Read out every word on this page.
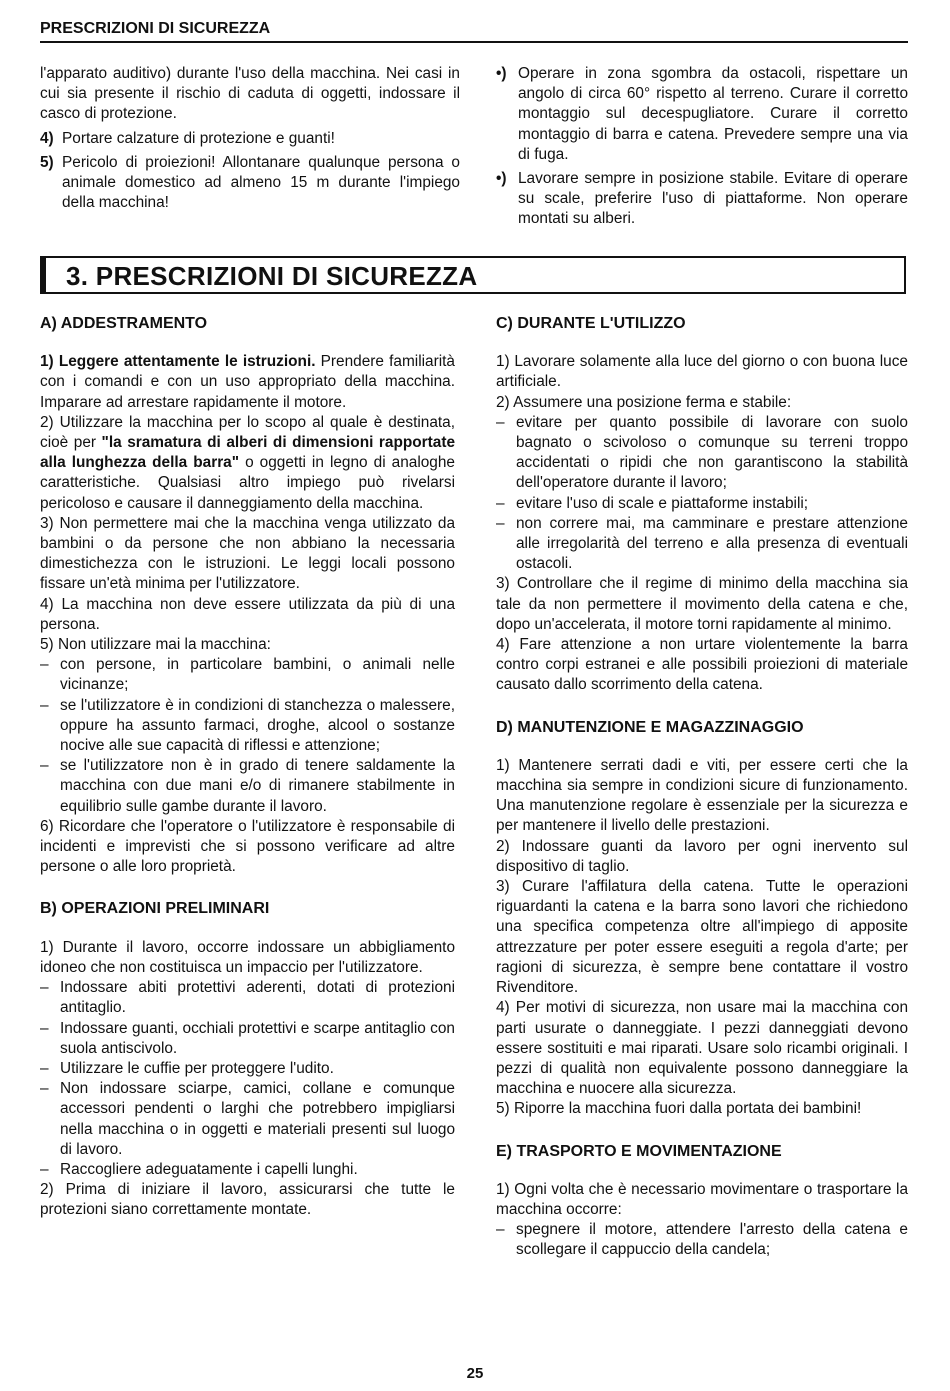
PRESCRIZIONI DI SICUREZZA

l'apparato auditivo) durante l'uso della macchina. Nei casi in cui sia presente il rischio di caduta di oggetti, indossare il casco di protezione.

4) Portare calzature di protezione e guanti!
5) Pericolo di proiezioni! Allontanare qualunque persona o animale domestico ad almeno 15 m durante l'impiego della macchina!
•) Operare in zona sgombra da ostacoli, rispettare un angolo di circa 60° rispetto al terreno. Curare il corretto montaggio sul decespugliatore. Curare il corretto montaggio di barra e catena. Prevedere sempre una via di fuga.
•) Lavorare sempre in posizione stabile. Evitare di operare su scale, preferire l'uso di piattaforme. Non operare montati su alberi.
3. PRESCRIZIONI DI SICUREZZA

A) ADDESTRAMENTO

1) Leggere attentamente le istruzioni. Prendere familiarità con i comandi e con un uso appropriato della macchina. Imparare ad arrestare rapidamente il motore.

2) Utilizzare la macchina per lo scopo al quale è destinata, cioè per "la sramatura di alberi di dimensioni rapportate alla lunghezza della barra" o oggetti in legno di analoghe caratteristiche. Qualsiasi altro impiego può rivelarsi pericoloso e causare il danneggiamento della macchina.

3) Non permettere mai che la macchina venga utilizzato da bambini o da persone che non abbiano la necessaria dimestichezza con le istruzioni. Le leggi locali possono fissare un'età minima per l'utilizzatore.

4) La macchina non deve essere utilizzata da più di una persona.

5) Non utilizzare mai la macchina:

– con persone, in particolare bambini, o animali nelle vicinanze;
– se l'utilizzatore è in condizioni di stanchezza o malessere, oppure ha assunto farmaci, droghe, alcool o sostanze nocive alle sue capacità di riflessi e attenzione;
– se l'utilizzatore non è in grado di tenere saldamente la macchina con due mani e/o di rimanere stabilmente in equilibrio sulle gambe durante il lavoro.

6) Ricordare che l'operatore o l'utilizzatore è responsabile di incidenti e imprevisti che si possono verificare ad altre persone o alle loro proprietà.

B) OPERAZIONI PRELIMINARI

1) Durante il lavoro, occorre indossare un abbigliamento idoneo che non costituisca un impaccio per l'utilizzatore.

– Indossare abiti protettivi aderenti, dotati di protezioni antitaglio.
– Indossare guanti, occhiali protettivi e scarpe antitaglio con suola antiscivolo.
– Utilizzare le cuffie per proteggere l'udito.
– Non indossare sciarpe, camici, collane e comunque accessori pendenti o larghi che potrebbero impigliarsi nella macchina o in oggetti e materiali presenti sul luogo di lavoro.
– Raccogliere adeguatamente i capelli lunghi.

2) Prima di iniziare il lavoro, assicurarsi che tutte le protezioni siano correttamente montate.

C) DURANTE L'UTILIZZO

1) Lavorare solamente alla luce del giorno o con buona luce artificiale.

2) Assumere una posizione ferma e stabile:

– evitare per quanto possibile di lavorare con suolo bagnato o scivoloso o comunque su terreni troppo accidentati o ripidi che non garantiscono la stabilità dell'operatore durante il lavoro;
– evitare l'uso di scale e piattaforme instabili;
– non correre mai, ma camminare e prestare attenzione alle irregolarità del terreno e alla presenza di eventuali ostacoli.

3) Controllare che il regime di minimo della macchina sia tale da non permettere il movimento della catena e che, dopo un'accelerata, il motore torni rapidamente al minimo.

4) Fare attenzione a non urtare violentemente la barra contro corpi estranei e alle possibili proiezioni di materiale causato dallo scorrimento della catena.

D) MANUTENZIONE E MAGAZZINAGGIO

1) Mantenere serrati dadi e viti, per essere certi che la macchina sia sempre in condizioni sicure di funzionamento. Una manutenzione regolare è essenziale per la sicurezza e per mantenere il livello delle prestazioni.

2) Indossare guanti da lavoro per ogni inervento sul dispositivo di taglio.

3) Curare l'affilatura della catena. Tutte le operazioni riguardanti la catena e la barra sono lavori che richiedono una specifica competenza oltre all'impiego di apposite attrezzature per poter essere eseguiti a regola d'arte; per ragioni di sicurezza, è sempre bene contattare il vostro Rivenditore.

4) Per motivi di sicurezza, non usare mai la macchina con parti usurate o danneggiate. I pezzi danneggiati devono essere sostituiti e mai riparati. Usare solo ricambi originali. I pezzi di qualità non equivalente possono danneggiare la macchina e nuocere alla sicurezza.

5) Riporre la macchina fuori dalla portata dei bambini!

E) TRASPORTO E MOVIMENTAZIONE

1) Ogni volta che è necessario movimentare o trasportare la macchina occorre:

– spegnere il motore, attendere l'arresto della catena e scollegare il cappuccio della candela;
25
